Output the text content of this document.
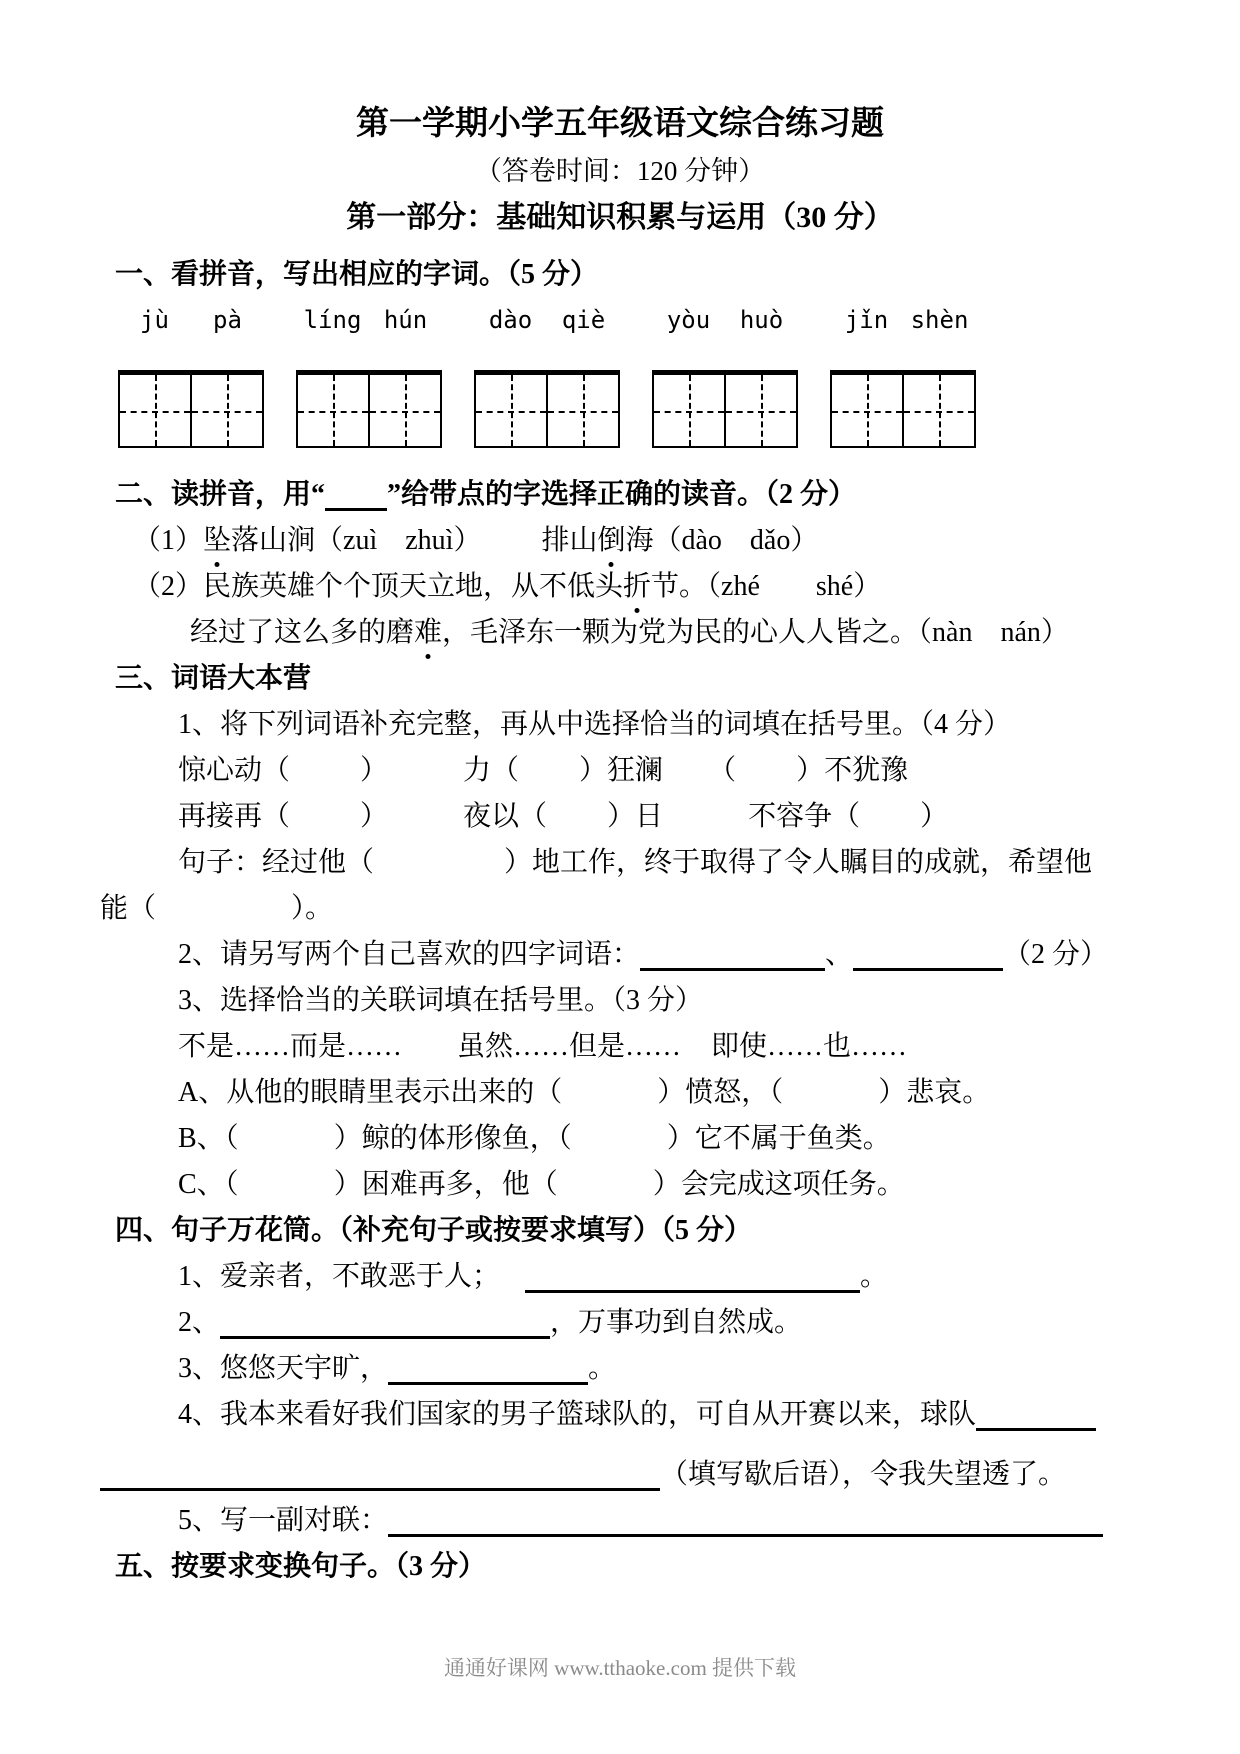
第一学期小学五年级语文综合练习题
（答卷时间：120 分钟）
第一部分：基础知识积累与运用（30 分）
一、看拼音，写出相应的字词。（5 分）
jù	pà	líng hún	dào	qiè	yòu	huò	jǐn shèn
二、读拼音，用“ ”给带点的字选择正确的读音。（2 分）
（1）坠落山涧（zuì　zhuì） 排山倒海（dào　dǎo）
（2）民族英雄个个顶天立地，从不低头折节。（zhé　　shé）
经过了这么多的磨难，毛泽东一颗为党为民的心人人皆之。（nàn　nán）
三、词语大本营
1、将下列词语补充完整，再从中选择恰当的词填在括号里。（4 分）
惊心动（	）	力（ ）狂澜 （ ）不犹豫
再接再（	）	夜以（ ）日	不容争（ ）
句子：经过他（	）地工作，终于取得了令人瞩目的成就，希望他
能（	）。
2、请另写两个自己喜欢的四字词语：	、	（2 分）
3、选择恰当的关联词填在括号里。（3 分）
不是……而是…… 虽然……但是…… 即使……也……
A、从他的眼睛里表示出来的（	）愤怒，（	）悲哀。
B、（	）鲸的体形像鱼，（	）它不属于鱼类。
C、（	）困难再多，他（	）会完成这项任务。
四、句子万花筒。（补充句子或按要求填写）（5 分）
1、爱亲者，不敢恶于人；	。
2、	，万事功到自然成。
3、悠悠天宇旷，	。
4、我本来看好我们国家的男子篮球队的，可自从开赛以来，球队
（填写歇后语），令我失望透了。
5、写一副对联：
五、按要求变换句子。（3 分）
通通好课网 www.tthaoke.com 提供下载
